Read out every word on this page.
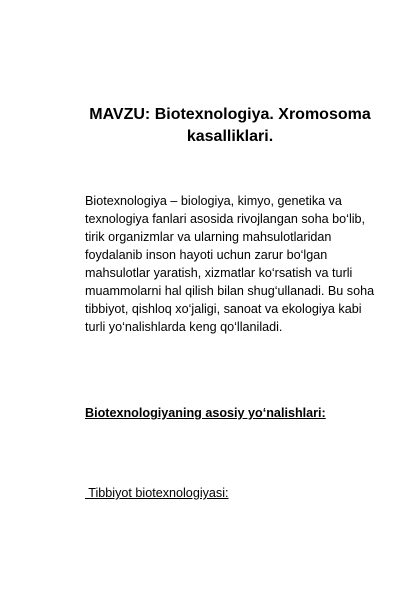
MAVZU: Biotexnologiya. Xromosoma kasalliklari.
Biotexnologiya – biologiya, kimyo, genetika va texnologiya fanlari asosida rivojlangan soha bo‘lib, tirik organizmlar va ularning mahsulotlaridan foydalanib inson hayoti uchun zarur bo‘lgan mahsulotlar yaratish, xizmatlar ko‘rsatish va turli muammolarni hal qilish bilan shug‘ullanadi. Bu soha tibbiyot, qishloq xo‘jaligi, sanoat va ekologiya kabi turli yo‘nalishlarda keng qo‘llaniladi.
Biotexnologiyaning asosiy yo‘nalishlari:
Tibbiyot biotexnologiyasi:
